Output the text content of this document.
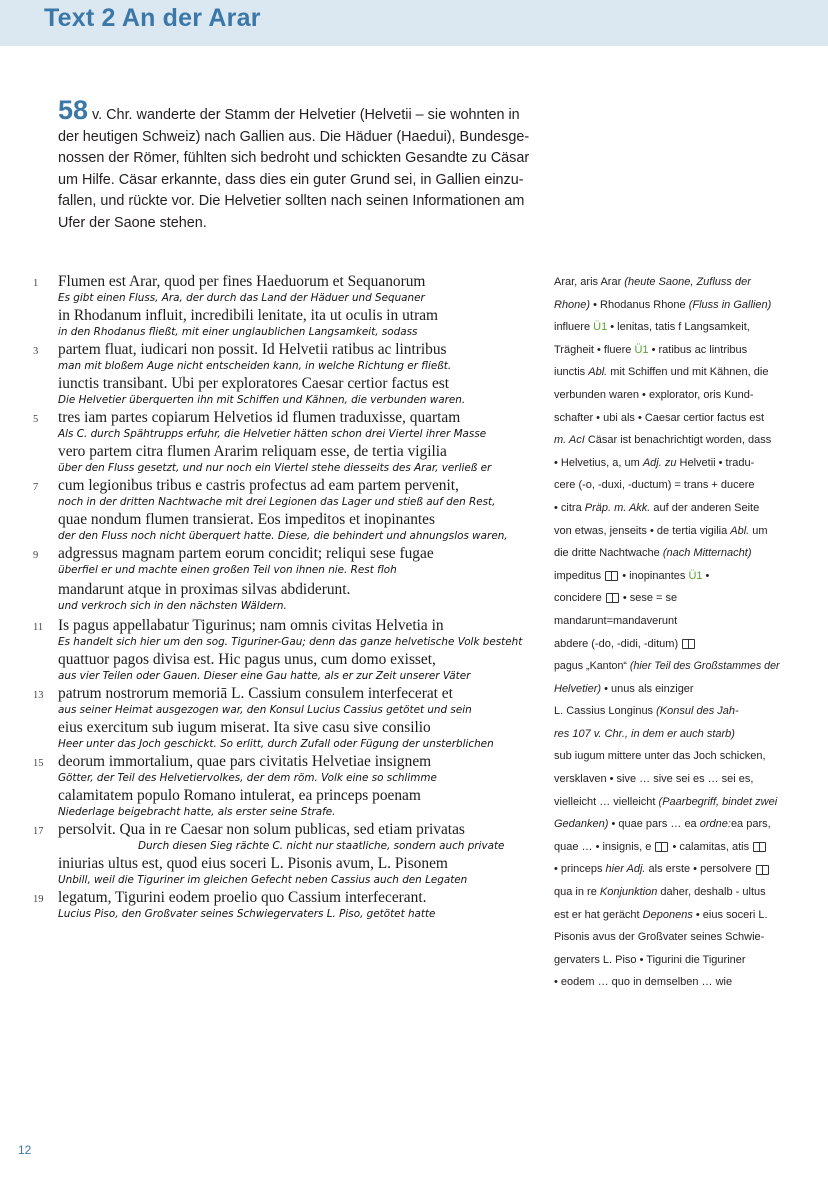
Text 2 An der Arar
58 v. Chr. wanderte der Stamm der Helvetier (Helvetii – sie wohnten in der heutigen Schweiz) nach Gallien aus. Die Häduer (Haedui), Bundesgenossen der Römer, fühlten sich bedroht und schickten Gesandte zu Cäsar um Hilfe. Cäsar erkannte, dass dies ein guter Grund sei, in Gallien einzufallen, und rückte vor. Die Helvetier sollten nach seinen Informationen am Ufer der Saone stehen.
1
3
5
7
9
11
13
15
17
19
Flumen est Arar, quod per fines Haeduorum et Sequanorum
Es gibt einen Fluss, Ara, der durch das Land der Häduer und Sequaner
in Rhodanum influit, incredibili lenitate, ita ut oculis in utram
in den Rhodanus fließt, mit einer unglaublichen Langsamkeit, sodass
partem fluat, iudicari non possit. Id Helvetii ratibus ac lintribus
man mit bloßem Auge nicht entscheiden kann, in welche Richtung er fließt.
iunctis transibant. Ubi per exploratores Caesar certior factus est
Die Helvetier überquerten ihn mit Schiffen und Kähnen, die verbunden waren.
tres iam partes copiarum Helvetios id flumen traduxisse, quartam
Als C. durch Spähtrupps erfuhr, die Helvetier hätten schon drei Viertel ihrer Masse
vero partem citra flumen Ararim reliquam esse, de tertia vigilia
über den Fluss gesetzt, und nur noch ein Viertel stehe diesseits des Arar, verließ er
cum legionibus tribus e castris profectus ad eam partem pervenit,
noch in der dritten Nachtwache mit drei Legionen das Lager und stieß auf den Rest,
quae nondum flumen transierat. Eos impeditos et inopinantes
der den Fluss noch nicht überquert hatte. Diese, die behindert und ahnungslos waren,
adgressus magnam partem eorum concidit; reliqui sese fugae
überfiel er und machte einen großen Teil von ihnen nie. Rest floh
mandarunt atque in proximas silvas abdiderunt.
und verkroch sich in den nächsten Wäldern.
Is pagus appellabatur Tigurinus; nam omnis civitas Helvetia in
Es handelt sich hier um den sog. Tiguriner-Gau; denn das ganze helvetische Volk besteht
quattuor pagos divisa est. Hic pagus unus, cum domo exisset,
aus vier Teilen oder Gauen. Dieser eine Gau hatte, als er zur Zeit unserer Väter
patrum nostrorum memoriā L. Cassium consulem interfecerat et
aus seiner Heimat ausgezogen war, den Konsul Lucius Cassius getötet und sein
eius exercitum sub iugum miserat. Ita sive casu sive consilio
Heer unter das Joch geschickt. So erlitt, durch Zufall oder Fügung der unsterblichen
deorum immortalium, quae pars civitatis Helvetiae insignem
Götter, der Teil des Helvetiervolkes, der dem röm. Volk eine so schlimme
calamitatem populo Romano intulerat, ea princeps poenam
Niederlage beigebracht hatte, als erster seine Strafe.
persolvit. Qua in re Caesar non solum publicas, sed etiam privatas
Durch diesen Sieg rächte C. nicht nur staatliche, sondern auch private
iniurias ultus est, quod eius soceri L. Pisonis avum, L. Pisonem
Unbill, weil die Tiguriner im gleichen Gefecht neben Cassius auch den Legaten
legatum, Tigurini eodem proelio quo Cassium interfecerant.
Lucius Piso, den Großvater seines Schwiegervaters L. Piso, getötet hatte
Arar, aris Arar (heute Saone, Zufluss der
Rhone) • Rhodanus Rhone (Fluss in Gallien)
influere Ü1 • lenitas, tatis f Langsamkeit,
Trägheit • fluere Ü1 • ratibus ac lintribus
iunctis Abl. mit Schiffen und mit Kähnen, die
verbunden waren • explorator, oris Kund-
schafter • ubi als • Caesar certior factus est
m. AcI Cäsar ist benachrichtigt worden, dass
• Helvetius, a, um Adj. zu Helvetii • tradu-
cere (-o, -duxi, -ductum) = trans + ducere
• citra Präp. m. Akk. auf der anderen Seite
von etwas, jenseits • de tertia vigilia Abl. um
die dritte Nachtwache (nach Mitternacht)
impeditus  • inopinantes Ü1 •
concidere  • sese = se
mandarunt=mandaverunt
abdere (-do, -didi, -ditum)
pagus „Kanton“ (hier Teil des Großstammes der
Helvetier) • unus als einziger
L. Cassius Longinus (Konsul des Jah-
res 107 v. Chr., in dem er auch starb)
sub iugum mittere unter das Joch schicken,
versklaven • sive … sive sei es … sei es,
vielleicht … vielleicht (Paarbegriff, bindet zwei
Gedanken) • quae pars … ea ordne:ea pars,
quae … • insignis, e  • calamitas, atis
• princeps hier Adj. als erste • persolvere
qua in re Konjunktion daher, deshalb - ultus
est er hat gerächt Deponens • eius soceri L.
Pisonis avus der Großvater seines Schwie-
gervaters L. Piso • Tigurini die Tiguriner
• eodem … quo in demselben … wie
12
